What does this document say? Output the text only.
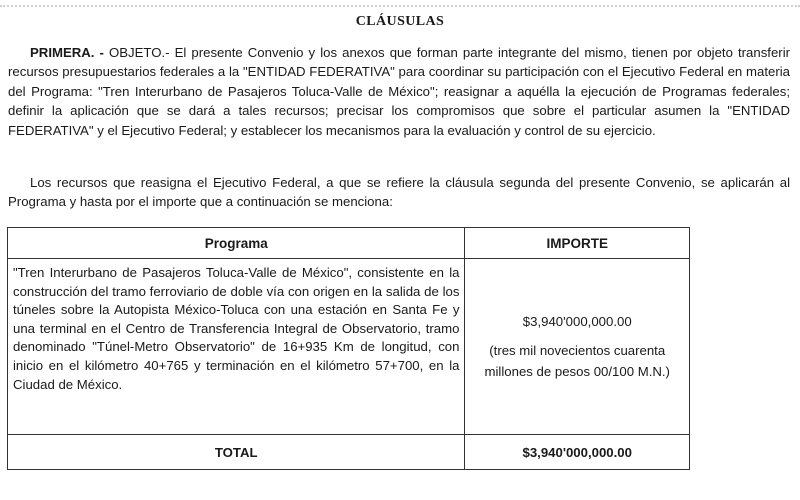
CLÁUSULAS

PRIMERA. - OBJETO.- El presente Convenio y los anexos que forman parte integrante del mismo, tienen por objeto transferir recursos presupuestarios federales a la "ENTIDAD FEDERATIVA" para coordinar su participación con el Ejecutivo Federal en materia del Programa: "Tren Interurbano de Pasajeros Toluca-Valle de México"; reasignar a aquélla la ejecución de Programas federales; definir la aplicación que se dará a tales recursos; precisar los compromisos que sobre el particular asumen la "ENTIDAD FEDERATIVA" y el Ejecutivo Federal; y establecer los mecanismos para la evaluación y control de su ejercicio.

Los recursos que reasigna el Ejecutivo Federal, a que se refiere la cláusula segunda del presente Convenio, se aplicarán al Programa y hasta por el importe que a continuación se menciona:

Programa	IMPORTE
"Tren Interurbano de Pasajeros Toluca-Valle de México", consistente en la construcción del tramo ferroviario de doble vía con origen en la salida de los túneles sobre la Autopista México-Toluca con una estación en Santa Fe y una terminal en el Centro de Transferencia Integral de Observatorio, tramo denominado "Túnel-Metro Observatorio" de 16+935 Km de longitud, con inicio en el kilómetro 40+765 y terminación en el kilómetro 57+700, en la Ciudad de México.	$3,940'000,000.00
(tres mil novecientos cuarenta millones de pesos 00/100 M.N.)

TOTAL	$3,940'000,000.00
